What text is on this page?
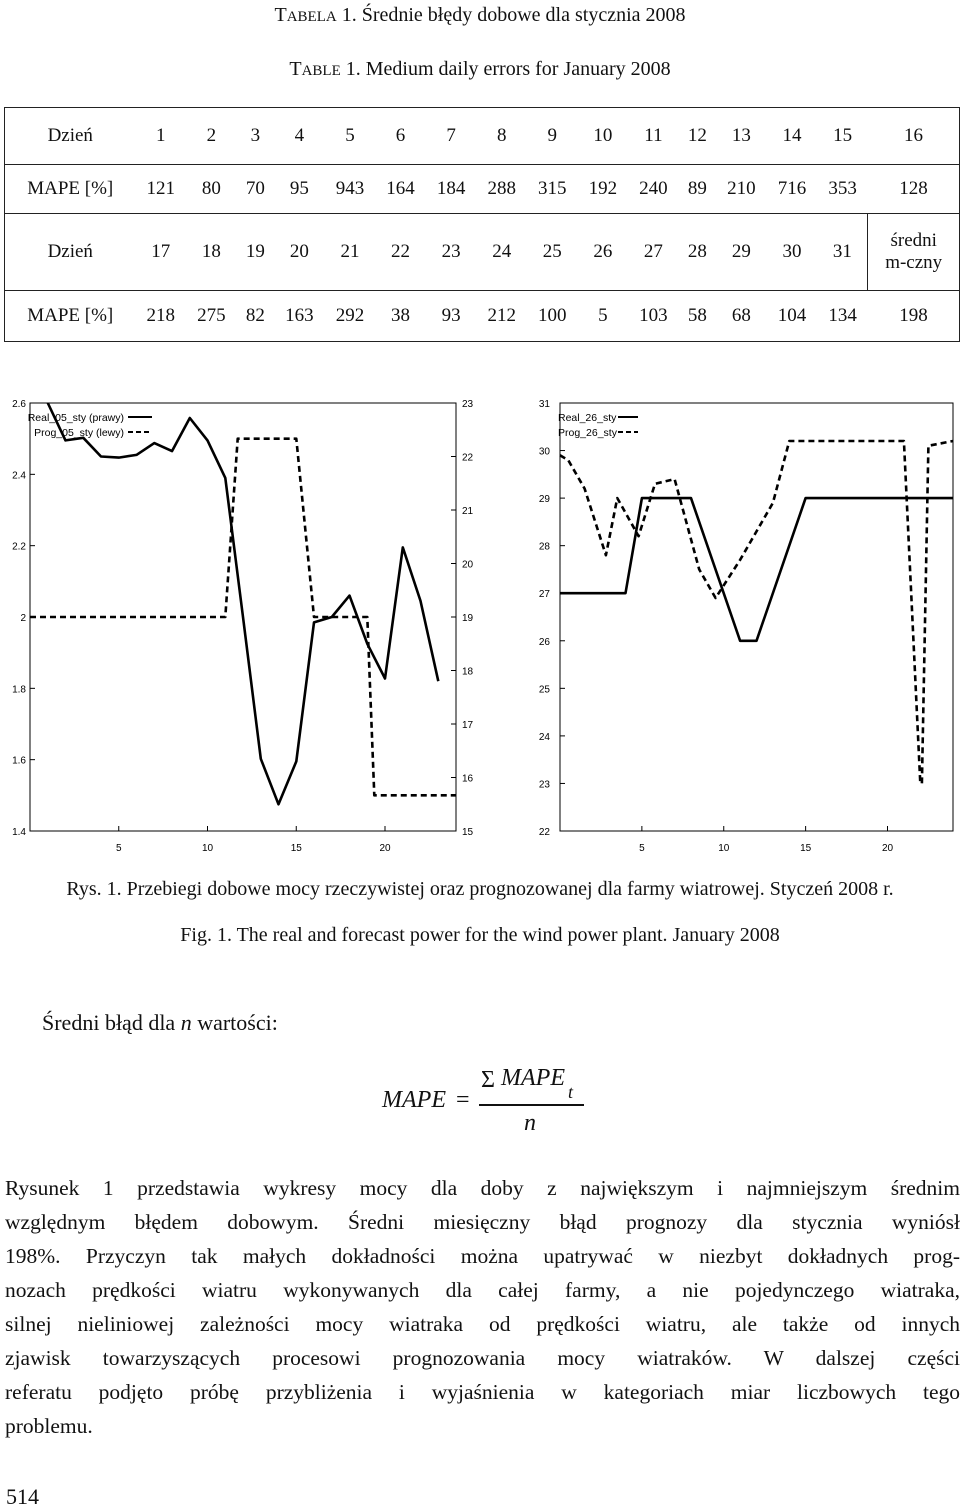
TABELA 1. Średnie błędy dobowe dla stycznia 2008
TABLE 1. Medium daily errors for January 2008
Dzień	1	2	3	4	5	6	7	8	9	10	11	12	13	14	15	16
MAPE [%]	121	80	70	95	943	164	184	288	315	192	240	89	210	716	353	128
Dzień	17	18	19	20	21	22	23	24	25	26	27	28	29	30	31	średni
m-czny

MAPE [%]	218	275	82	163	292	38	93	212	100	5	103	58	68	104	134	198
2.6
2.4
2.2
2
1.8
1.6
1.4
23
22
21
20
19
18
17
16
15
5	10	15	20
Real_05_sty (prawy)
Prog_05_sty (lewy)
31
30
29
28
27
26
25
24
23
22
5	10	15	20
Real_26_sty
Prog_26_sty
Rys. 1. Przebiegi dobowe mocy rzeczywistej oraz prognozowanej dla farmy wiatrowej. Styczeń 2008 r.
Fig. 1. The real and forecast power for the wind power plant. January 2008
Średni błąd dla n wartości:
MAPE =
Σ MAPE
t
n
Rysunek 1 przedstawia wykresy mocy dla doby z największym i najmniejszym średnim
względnym błędem dobowym. Średni miesięczny błąd prognozy dla stycznia wyniósł
198%. Przyczyn tak małych dokładności można upatrywać w niezbyt dokładnych prog-
nozach prędkości wiatru wykonywanych dla całej farmy, a nie pojedynczego wiatraka,
silnej nieliniowej zależności mocy wiatraka od prędkości wiatru, ale także od innych
zjawisk towarzyszących procesowi prognozowania mocy wiatraków. W dalszej części
referatu podjęto próbę przybliżenia i wyjaśnienia w kategoriach miar liczbowych tego
problemu.
514
